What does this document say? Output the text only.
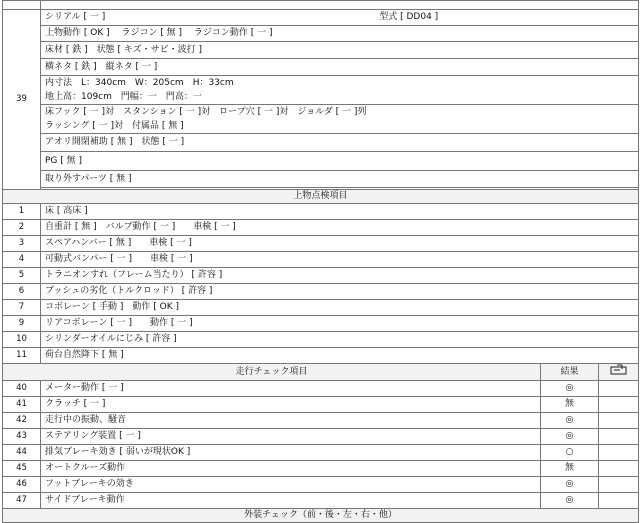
39	シリアル [ 一 ] 型式 [ DD04 ]		
	上物動作 [ OK ]　 ラジコン [ 無 ]　 ラジコン動作 [ 一 ]		
	床材 [ 鉄 ]　状態 [ キズ・サビ・波打 ]		
	横ネタ [ 鉄 ]　縦ネタ [ 一 ]		
	内寸法　L：340cm　W：205cm　H：33cm		
	地上高：109cm　門幅：一　門高：一		
	床フック [ 一 ]対　スタンション [ 一 ]対　ロープ穴 [ 一 ]対　ジョルダ [ 一 ]列		
	ラッシング [ 一 ]対　付属品 [ 無 ]		
	アオリ開閉補助 [ 無 ]　状態 [ 一 ]		
	PG [ 無 ]		
	取り外すパーツ [ 無 ]		

上物点検項目			
1	床 [ 高床 ]		
2	自重計 [ 無 ]　バルブ動作 [ 一 ]　　車検 [ 一 ]		
3	スペアハンバー [ 無 ]　　車検 [ 一 ]		
4	可動式バンパー [ 一 ]　　車検 [ 一 ]		
5	トラニオンすれ（フレーム当たり） [ 許容 ]		
6	ブッシュの劣化（トルクロッド） [ 許容 ]		
7	コボレーン [ 手動 ]　動作 [ OK ]		
9	リアコボレーン [ 一 ]　　動作 [ 一 ]		
10	シリンダーオイルにじみ [ 許容 ]		
11	荷台自然降下 [ 無 ]		
走行チェック項目		結果	
40	メーター動作 [ 一 ]	◎	
41	クラッチ [ 一 ]	無	
42	走行中の振動、騒音	◎	
43	ステアリング装置 [ 一 ]	◎	
44	排気ブレーキ効き [ 弱いが現状OK ]	○	
45	オートクルーズ動作	無	
46	フットブレーキの効き	◎	
47	サイドブレーキ動作	◎	
外装チェック（前・後・左・右・他）			
